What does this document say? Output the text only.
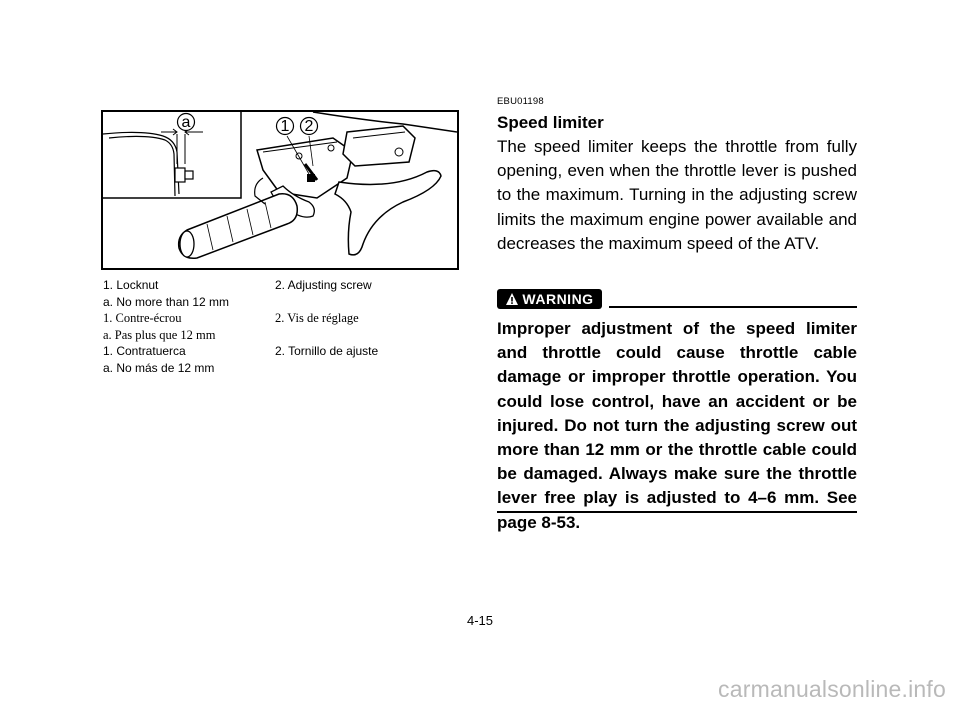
a	1 2
1. Locknut	2. Adjusting screw
a. No more than 12 mm
1. Contre-écrou	2. Vis de réglage
a. Pas plus que 12 mm
1. Contratuerca	2. Tornillo de ajuste
a. No más de 12 mm

EBU01198

Speed limiter

The speed limiter keeps the throttle from fully opening, even when the throttle lever is pushed to the maximum. Turning in the adjusting screw limits the maximum engine power available and decreases the maximum speed of the ATV.

WARNING

Improper adjustment of the speed limiter and throttle could cause throttle cable damage or improper throttle operation. You could lose control, have an accident or be injured. Do not turn the adjusting screw out more than 12 mm or the throttle cable could be damaged. Always make sure the throttle lever free play is adjusted to 4–6 mm. See page 8-53.

4-15
carmanualsonline.info
